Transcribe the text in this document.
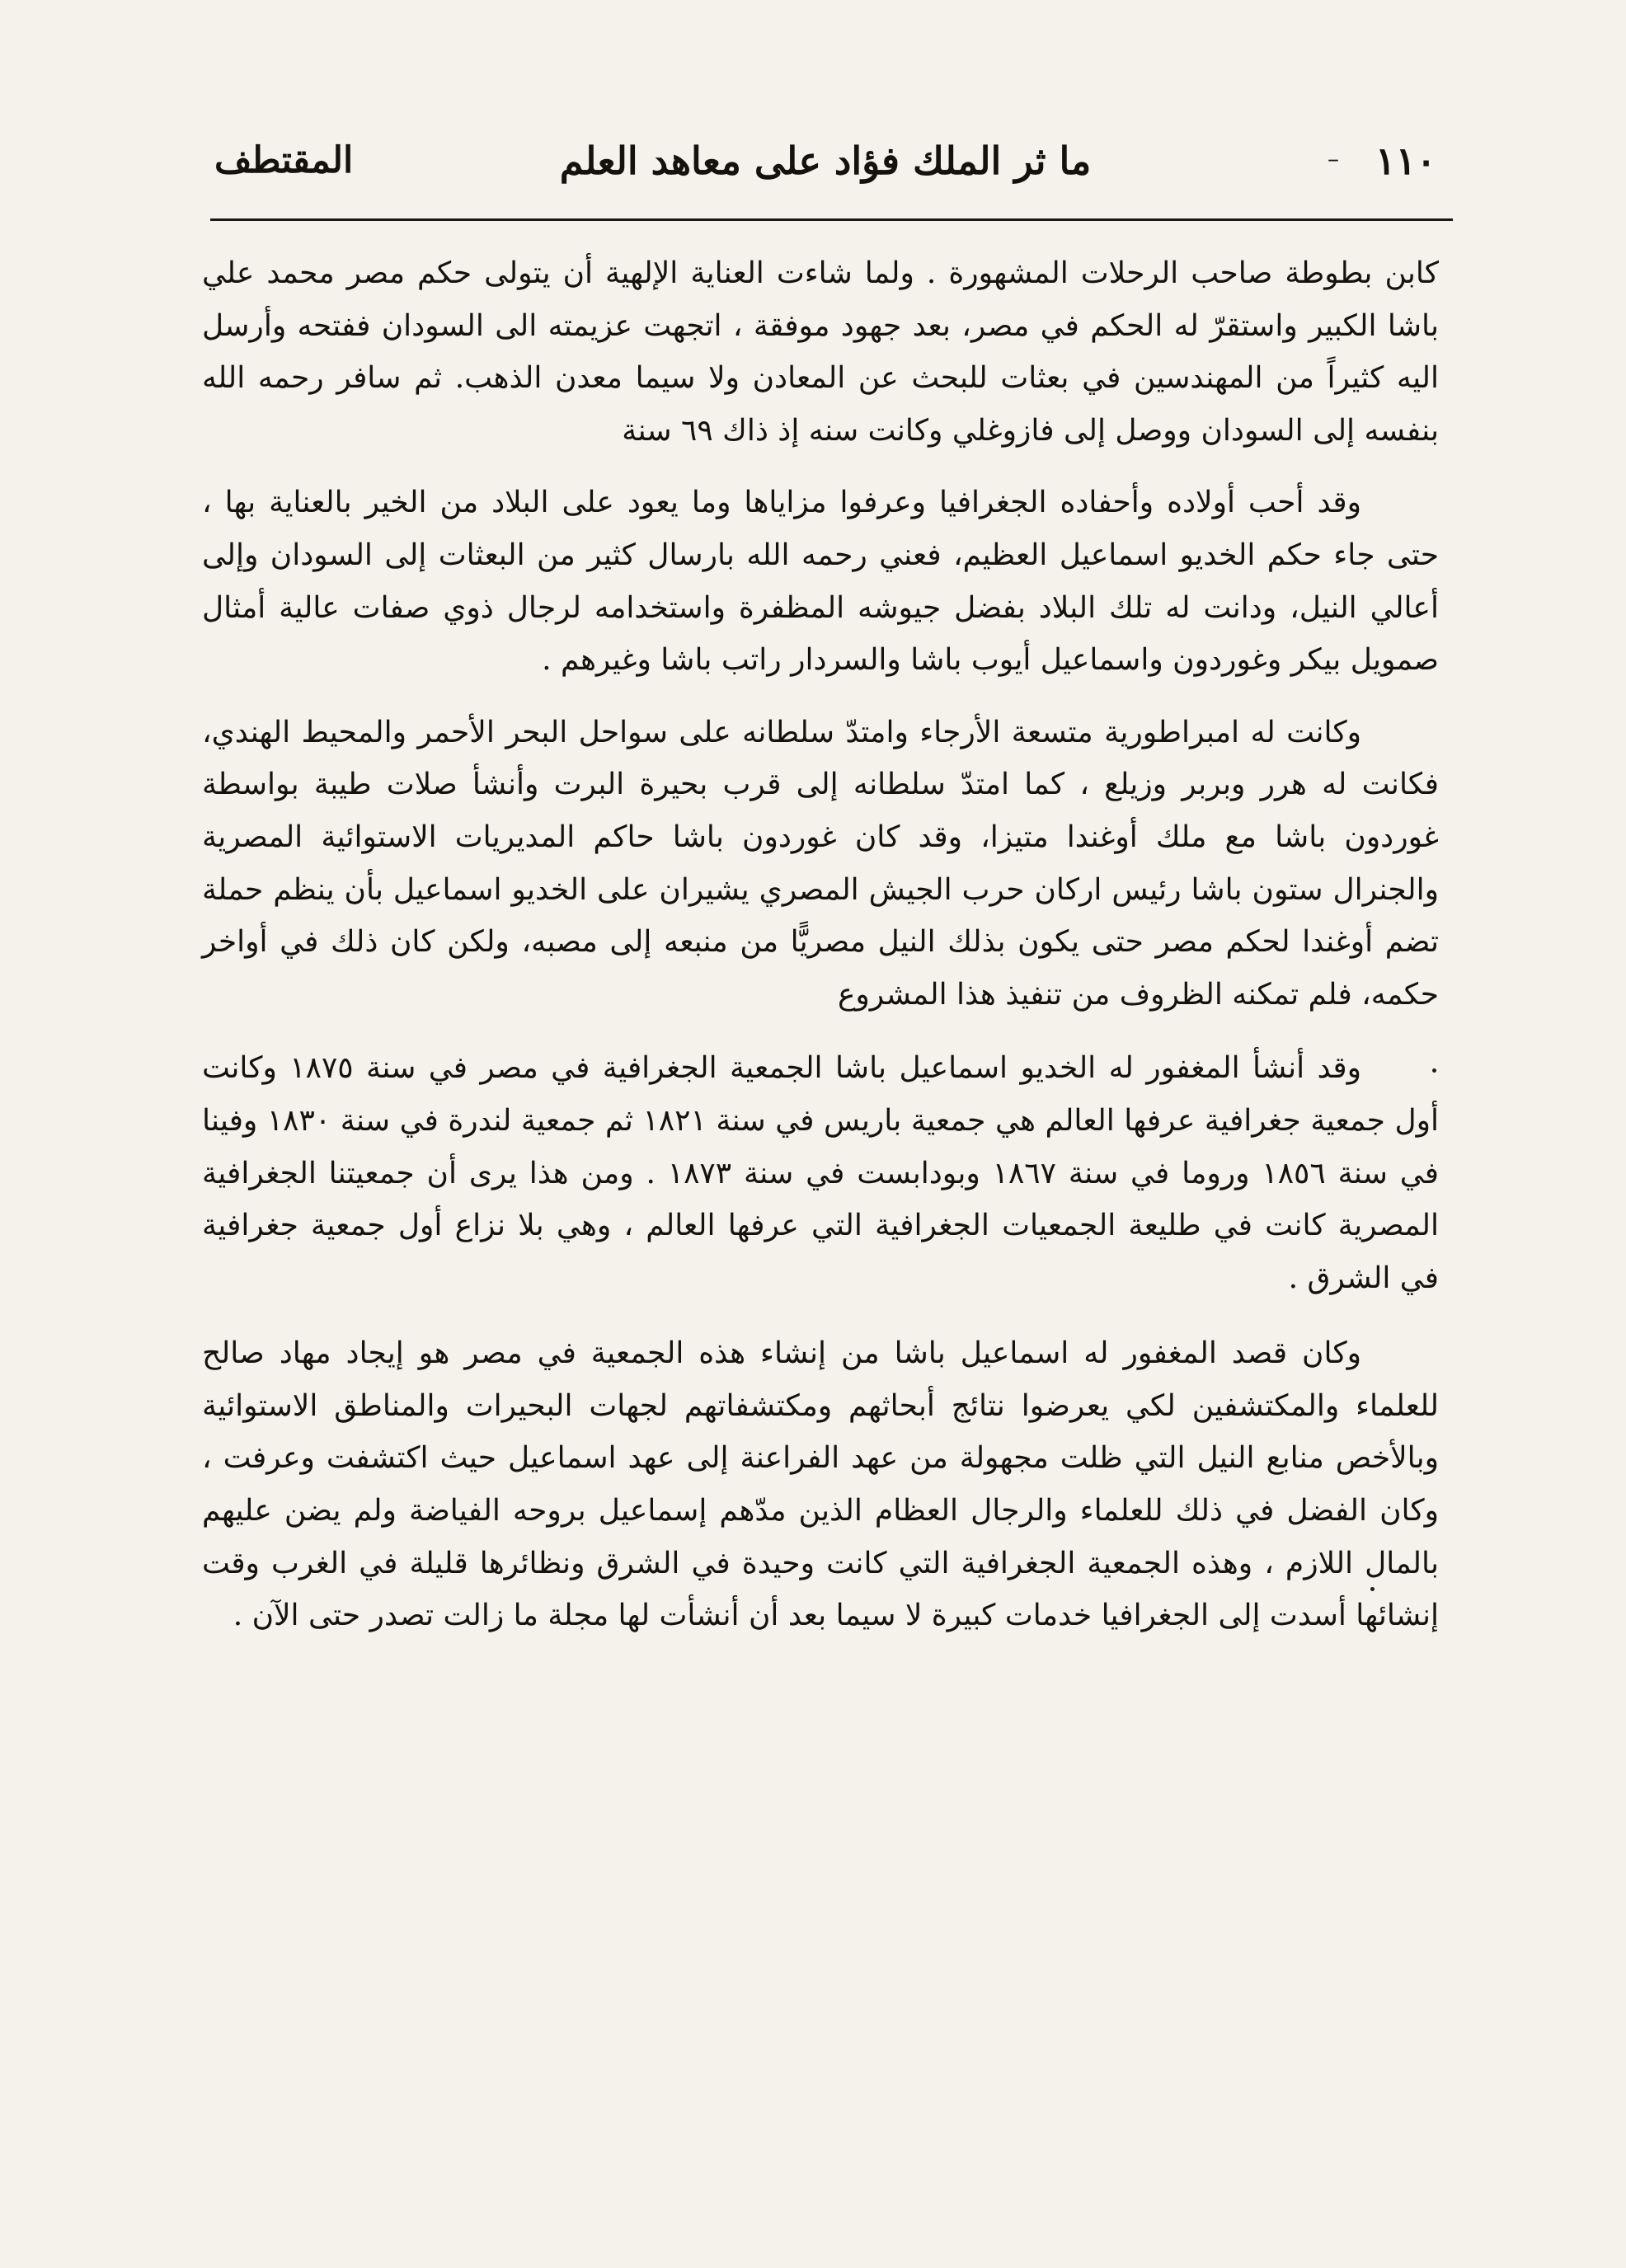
١١٠
–
ما ثر الملك فؤاد على معاهد العلم
المقتطف

كابن بطوطة صاحب الرحلات المشهورة . ولما شاءت العناية الإلهية أن يتولى حكم مصر محمد علي باشا الكبير واستقرّ له الحكم في مصر، بعد جهود موفقة ، اتجهت عزيمته الى السودان ففتحه وأرسل اليه كثيراً من المهندسين في بعثات للبحث عن المعادن ولا سيما معدن الذهب. ثم سافر رحمه الله بنفسه إلى السودان ووصل إلى فازوغلي وكانت سنه إذ ذاك ٦٩ سنة

وقد أحب أولاده وأحفاده الجغرافيا وعرفوا مزاياها وما يعود على البلاد من الخير بالعناية بها ، حتى جاء حكم الخديو اسماعيل العظيم، فعني رحمه الله بارسال كثير من البعثات إلى السودان وإلى أعالي النيل، ودانت له تلك البلاد بفضل جيوشه المظفرة واستخدامه لرجال ذوي صفات عالية أمثال صمويل بيكر وغوردون واسماعيل أيوب باشا والسردار راتب باشا وغيرهم .

وكانت له امبراطورية متسعة الأرجاء وامتدّ سلطانه على سواحل البحر الأحمر والمحيط الهندي، فكانت له هرر وبربر وزيلع ، كما امتدّ سلطانه إلى قرب بحيرة البرت وأنشأ صلات طيبة بواسطة غوردون باشا مع ملك أوغندا متيزا، وقد كان غوردون باشا حاكم المديريات الاستوائية المصرية والجنرال ستون باشا رئيس اركان حرب الجيش المصري يشيران على الخديو اسماعيل بأن ينظم حملة تضم أوغندا لحكم مصر حتى يكون بذلك النيل مصريًّا من منبعه إلى مصبه، ولكن كان ذلك في أواخر حكمه، فلم تمكنه الظروف من تنفيذ هذا المشروع

وقد أنشأ المغفور له الخديو اسماعيل باشا الجمعية الجغرافية في مصر في سنة ١٨٧٥ وكانت أول جمعية جغرافية عرفها العالم هي جمعية باريس في سنة ١٨٢١ ثم جمعية لندرة في سنة ١٨٣٠ وفينا في سنة ١٨٥٦ وروما في سنة ١٨٦٧ وبودابست في سنة ١٨٧٣ . ومن هذا يرى أن جمعيتنا الجغرافية المصرية كانت في طليعة الجمعيات الجغرافية التي عرفها العالم ، وهي بلا نزاع أول جمعية جغرافية في الشرق .

وكان قصد المغفور له اسماعيل باشا من إنشاء هذه الجمعية في مصر هو إيجاد مهاد صالح للعلماء والمكتشفين لكي يعرضوا نتائج أبحاثهم ومكتشفاتهم لجهات البحيرات والمناطق الاستوائية وبالأخص منابع النيل التي ظلت مجهولة من عهد الفراعنة إلى عهد اسماعيل حيث اكتشفت وعرفت ، وكان الفضل في ذلك للعلماء والرجال العظام الذين مدّهم إسماعيل بروحه الفياضة ولم يضن عليهم بالمال اللازم ، وهذه الجمعية الجغرافية التي كانت وحيدة في الشرق ونظائرها قليلة في الغرب وقت إنشائها أسدت إلى الجغرافيا خدمات كبيرة لا سيما بعد أن أنشأت لها مجلة ما زالت تصدر حتى الآن .
